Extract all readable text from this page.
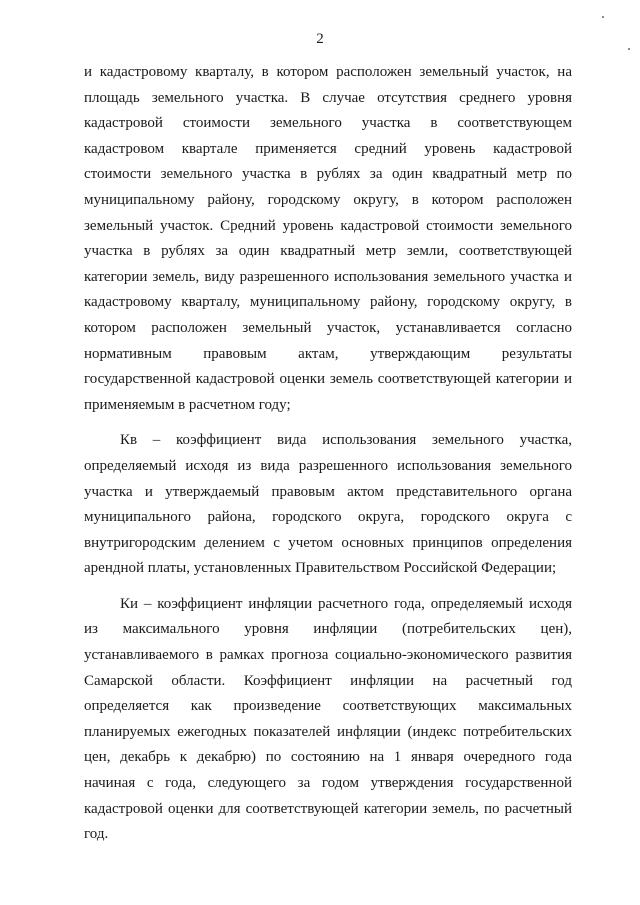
2
и кадастровому кварталу, в котором расположен земельный участок, на
площадь земельного участка. В случае отсутствия среднего уровня
кадастровой стоимости земельного участка в соответствующем
кадастровом квартале применяется средний уровень кадастровой
стоимости земельного участка в рублях за один квадратный метр по
муниципальному району, городскому округу, в котором расположен
земельный участок. Средний уровень кадастровой стоимости земельного
участка в рублях за один квадратный метр земли, соответствующей
категории земель, виду разрешенного использования земельного участка и
кадастровому кварталу, муниципальному району, городскому округу, в
котором расположен земельный участок, устанавливается согласно
нормативным правовым актам, утверждающим результаты
государственной кадастровой оценки земель соответствующей категории и
применяемым в расчетном году;
Кв – коэффициент вида использования земельного участка,
определяемый исходя из вида разрешенного использования земельного
участка и утверждаемый правовым актом представительного органа
муниципального района, городского округа, городского округа с
внутригородским делением с учетом основных принципов определения
арендной платы, установленных Правительством Российской Федерации;
Ки – коэффициент инфляции расчетного года, определяемый исходя
из максимального уровня инфляции (потребительских цен),
устанавливаемого в рамках прогноза социально-экономического развития
Самарской области. Коэффициент инфляции на расчетный год
определяется как произведение соответствующих максимальных
планируемых ежегодных показателей инфляции (индекс потребительских
цен, декабрь к декабрю) по состоянию на 1 января очередного года
начиная с года, следующего за годом утверждения государственной
кадастровой оценки для соответствующей категории земель, по расчетный
год.
